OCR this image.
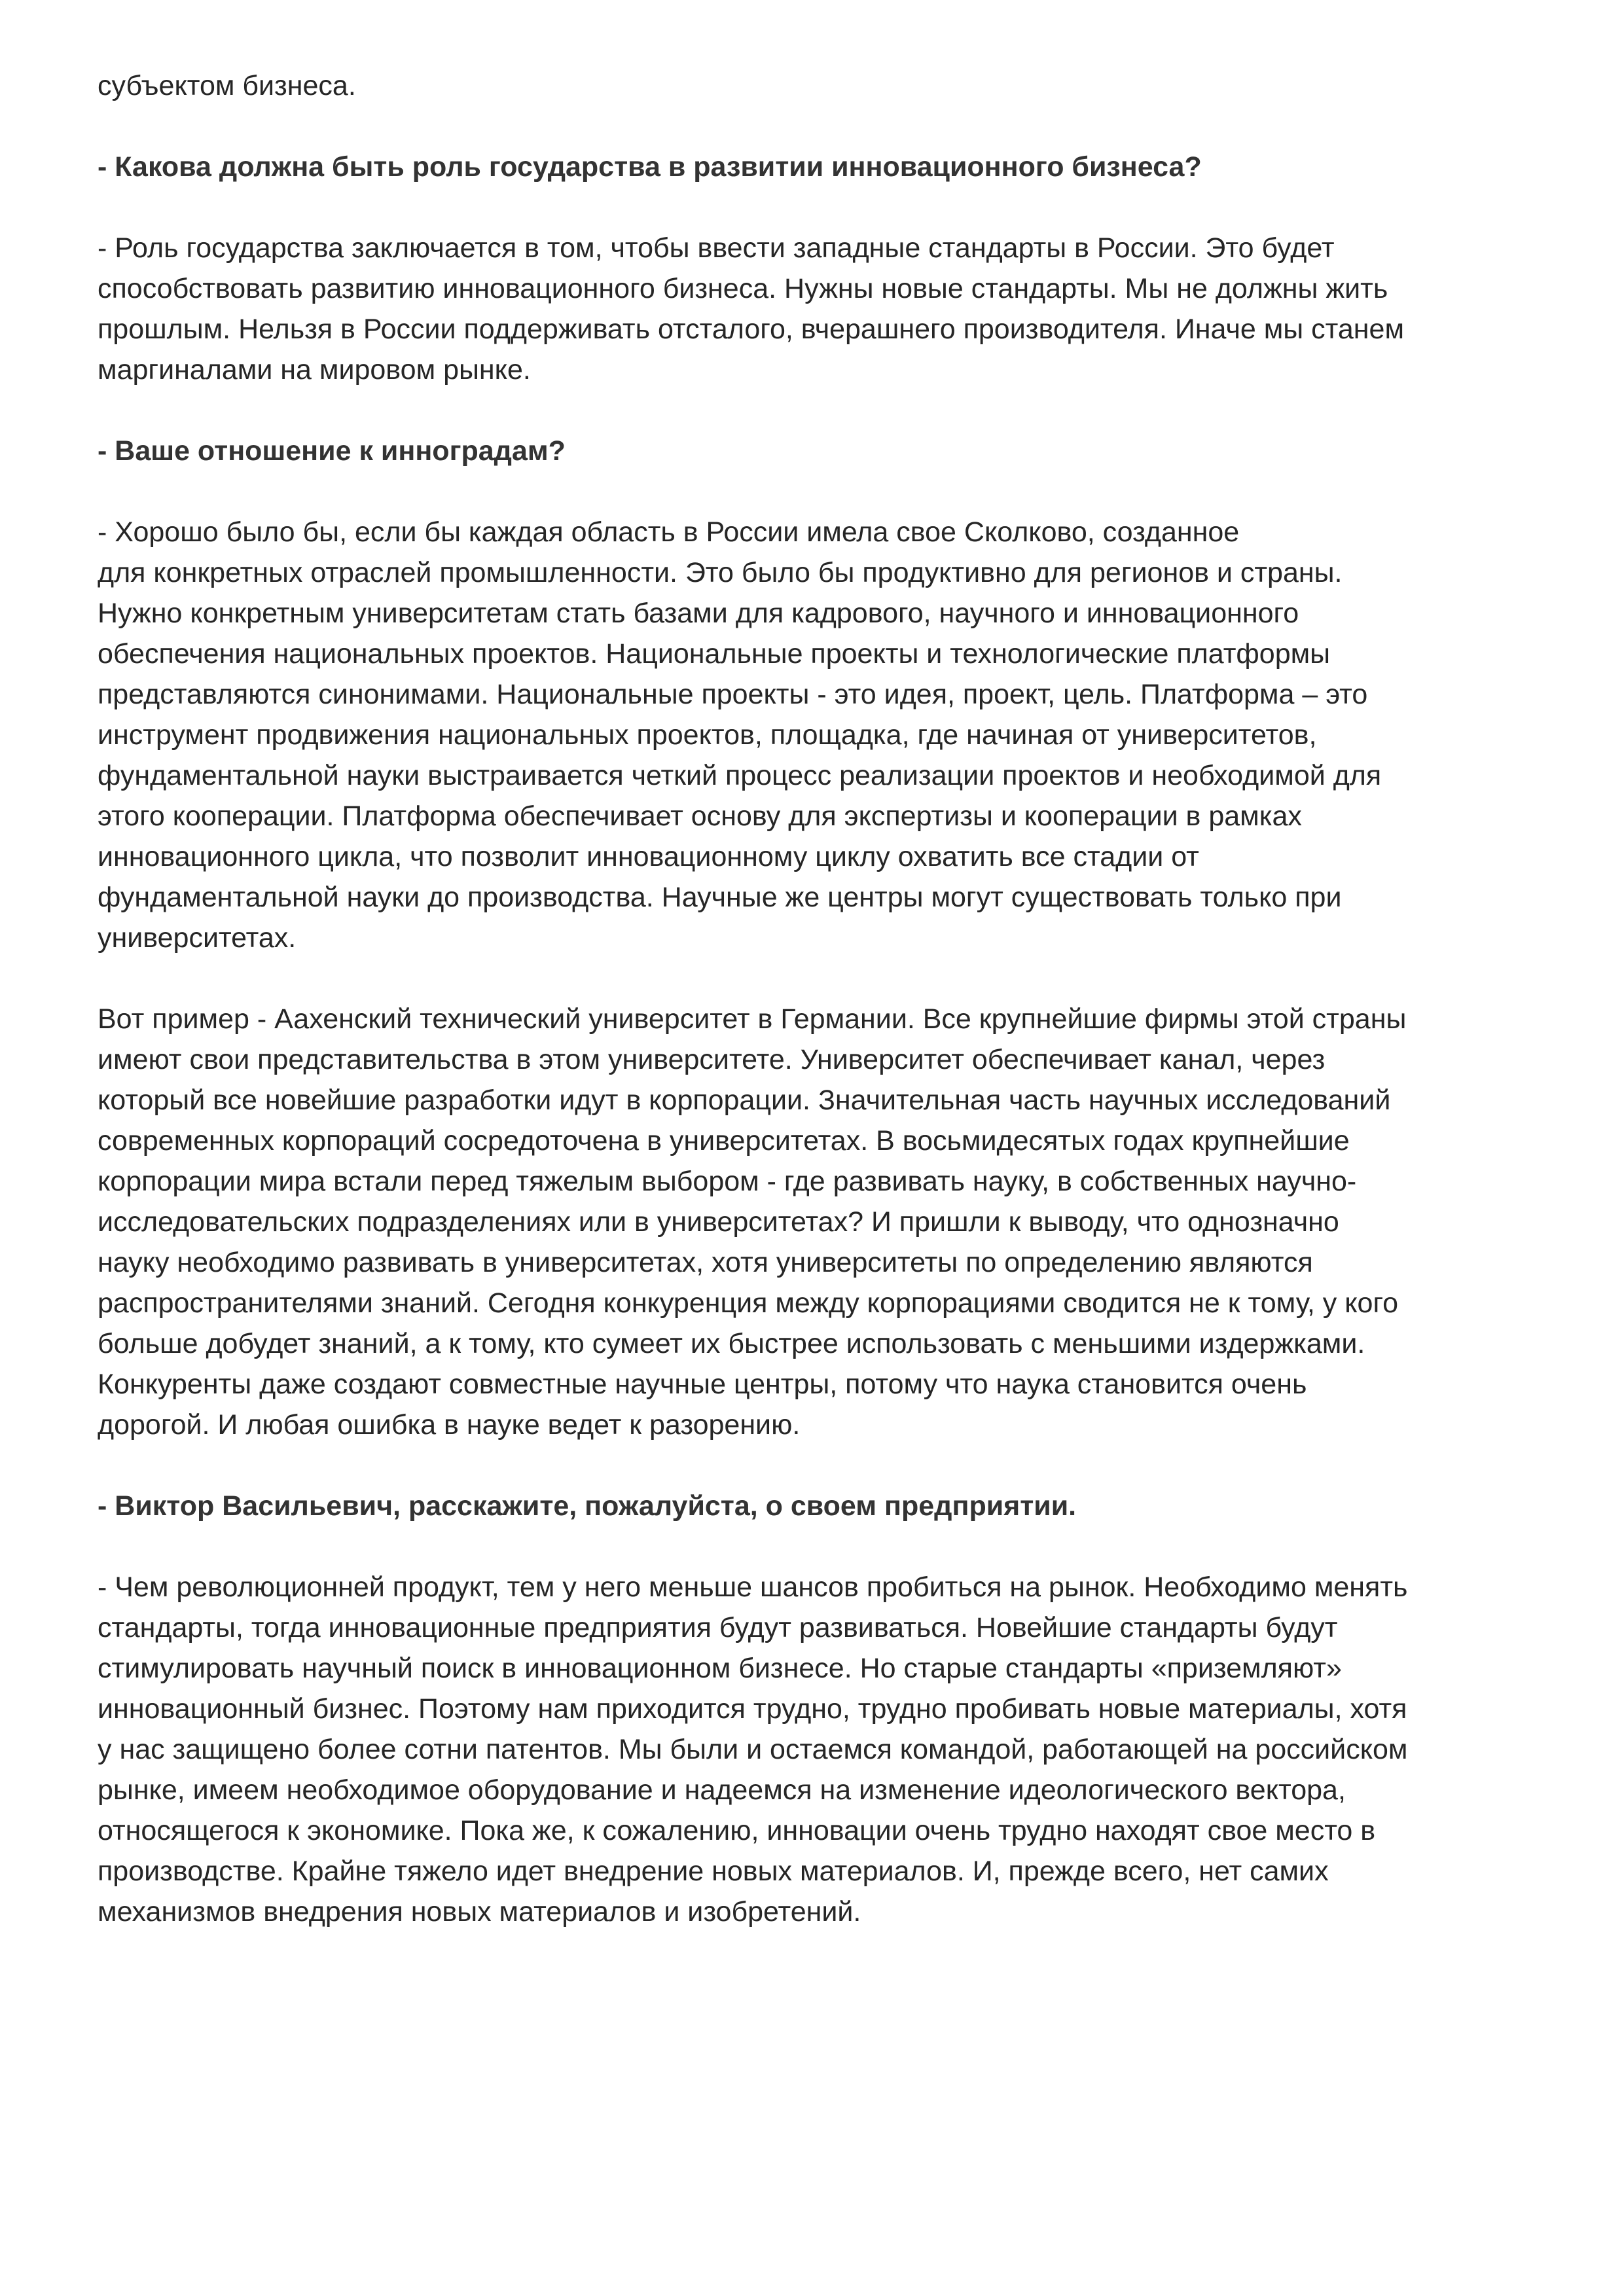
субъектом бизнеса.
- Какова должна быть роль государства в развитии инновационного бизнеса?
- Роль государства заключается в том, чтобы ввести западные стандарты в России. Это будет
способствовать развитию инновационного бизнеса. Нужны новые стандарты. Мы не должны жить
прошлым. Нельзя в России поддерживать отсталого, вчерашнего производителя. Иначе мы станем
маргиналами на мировом рынке.
- Ваше отношение к иннoградам?
- Хорошо было бы, если бы каждая область в России имела свое Сколково, созданное
для конкретных отраслей промышленности. Это было бы продуктивно для регионов и страны.
Нужно конкретным университетам стать базами для кадрового, научного и инновационного
обеспечения национальных проектов. Национальные проекты и технологические платформы
представляются синонимами. Национальные проекты - это идея, проект, цель. Платформа – это
инструмент продвижения национальных проектов, площадка, где начиная от университетов,
фундаментальной науки выстраивается четкий процесс реализации проектов и необходимой для
этого кооперации. Платформа обеспечивает основу для экспертизы и кооперации в рамках
инновационного цикла, что позволит инновационному циклу охватить все стадии от
фундаментальной науки до производства. Научные же центры могут существовать только при
университетах.
Вот пример - Аахенский технический университет в Германии. Все крупнейшие фирмы этой страны
имеют свои представительства в этом университете. Университет обеспечивает канал, через
который все новейшие разработки идут в корпорации. Значительная часть научных исследований
современных корпораций сосредоточена в университетах. В восьмидесятых годах крупнейшие
корпорации мира встали перед тяжелым выбором - где развивать науку, в собственных научно-
исследовательских подразделениях или в университетах? И пришли к выводу, что однозначно
науку необходимо развивать в университетах, хотя университеты по определению являются
распространителями знаний. Сегодня конкуренция между корпорациями сводится не к тому, у кого
больше добудет знаний, а к тому, кто сумеет их быстрее использовать с меньшими издержками.
Конкуренты даже создают совместные научные центры, потому что наука становится очень
дорогой. И любая ошибка в науке ведет к разорению.
- Виктор Васильевич, расскажите, пожалуйста, о своем предприятии.
- Чем революционней продукт, тем у него меньше шансов пробиться на рынок. Необходимо менять
стандарты, тогда инновационные предприятия будут развиваться. Новейшие стандарты будут
стимулировать научный поиск в инновационном бизнесе. Но старые стандарты «приземляют»
инновационный бизнес. Поэтому нам приходится трудно, трудно пробивать новые материалы, хотя
у нас защищено более сотни патентов. Мы были и остаемся командой, работающей на российском
рынке, имеем необходимое оборудование и надеемся на изменение идеологического вектора,
относящегося к экономике. Пока же, к сожалению, инновации очень трудно находят свое место в
производстве. Крайне тяжело идет внедрение новых материалов. И, прежде всего, нет самих
механизмов внедрения новых материалов и изобретений.
